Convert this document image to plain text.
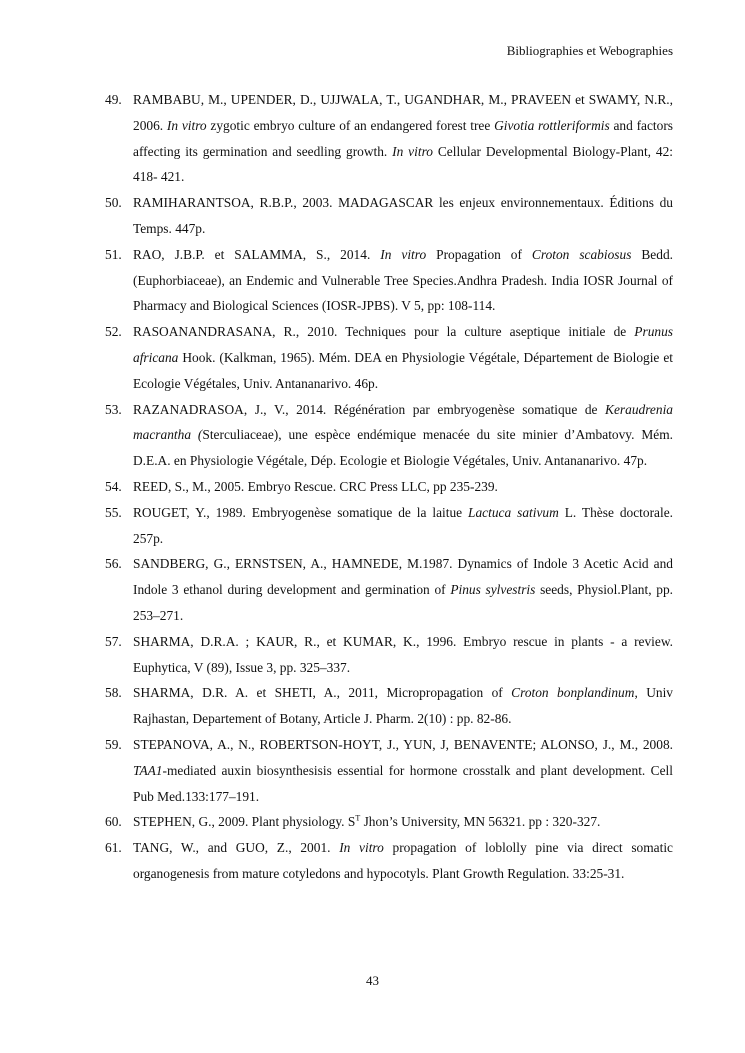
Bibliographies et Webographies
49. RAMBABU, M., UPENDER, D., UJJWALA, T., UGANDHAR, M., PRAVEEN et SWAMY, N.R., 2006. In vitro zygotic embryo culture of an endangered forest tree Givotia rottleriformis and factors affecting its germination and seedling growth. In vitro Cellular Developmental Biology-Plant, 42: 418- 421.
50. RAMIHARANTSOA, R.B.P., 2003. MADAGASCAR les enjeux environnementaux. Éditions du Temps. 447p.
51. RAO, J.B.P. et SALAMMA, S., 2014. In vitro Propagation of Croton scabiosus Bedd. (Euphorbiaceae), an Endemic and Vulnerable Tree Species.Andhra Pradesh. India IOSR Journal of Pharmacy and Biological Sciences (IOSR-JPBS). V 5, pp: 108-114.
52. RASOANANDRASANA, R., 2010. Techniques pour la culture aseptique initiale de Prunus africana Hook. (Kalkman, 1965). Mém. DEA en Physiologie Végétale, Département de Biologie et Ecologie Végétales, Univ. Antananarivo. 46p.
53. RAZANADRASOA, J., V., 2014. Régénération par embryogenèse somatique de Keraudrenia macrantha (Sterculiaceae), une espèce endémique menacée du site minier d’Ambatovy. Mém. D.E.A. en Physiologie Végétale, Dép. Ecologie et Biologie Végétales, Univ. Antananarivo. 47p.
54. REED, S., M., 2005. Embryo Rescue. CRC Press LLC, pp 235-239.
55. ROUGET, Y., 1989. Embryogenèse somatique de la laitue Lactuca sativum L. Thèse doctorale. 257p.
56. SANDBERG, G., ERNSTSEN, A., HAMNEDE, M.1987. Dynamics of Indole 3 Acetic Acid and Indole 3 ethanol during development and germination of Pinus sylvestris seeds, Physiol.Plant, pp. 253–271.
57. SHARMA, D.R.A. ; KAUR, R., et KUMAR, K., 1996. Embryo rescue in plants - a review. Euphytica, V (89), Issue 3, pp. 325–337.
58. SHARMA, D.R. A. et SHETI, A., 2011, Micropropagation of Croton bonplandinum, Univ Rajhastan, Departement of Botany, Article J. Pharm. 2(10) : pp. 82-86.
59. STEPANOVA, A., N., ROBERTSON-HOYT, J., YUN, J, BENAVENTE; ALONSO, J., M., 2008. TAA1-mediated auxin biosynthesisis essential for hormone crosstalk and plant development. Cell Pub Med.133:177–191.
60. STEPHEN, G., 2009. Plant physiology. $S^T$ Jhon’s University, MN 56321. pp : 320-327.
61. TANG, W., and GUO, Z., 2001. In vitro propagation of loblolly pine via direct somatic organogenesis from mature cotyledons and hypocotyls. Plant Growth Regulation. 33:25-31.
43
